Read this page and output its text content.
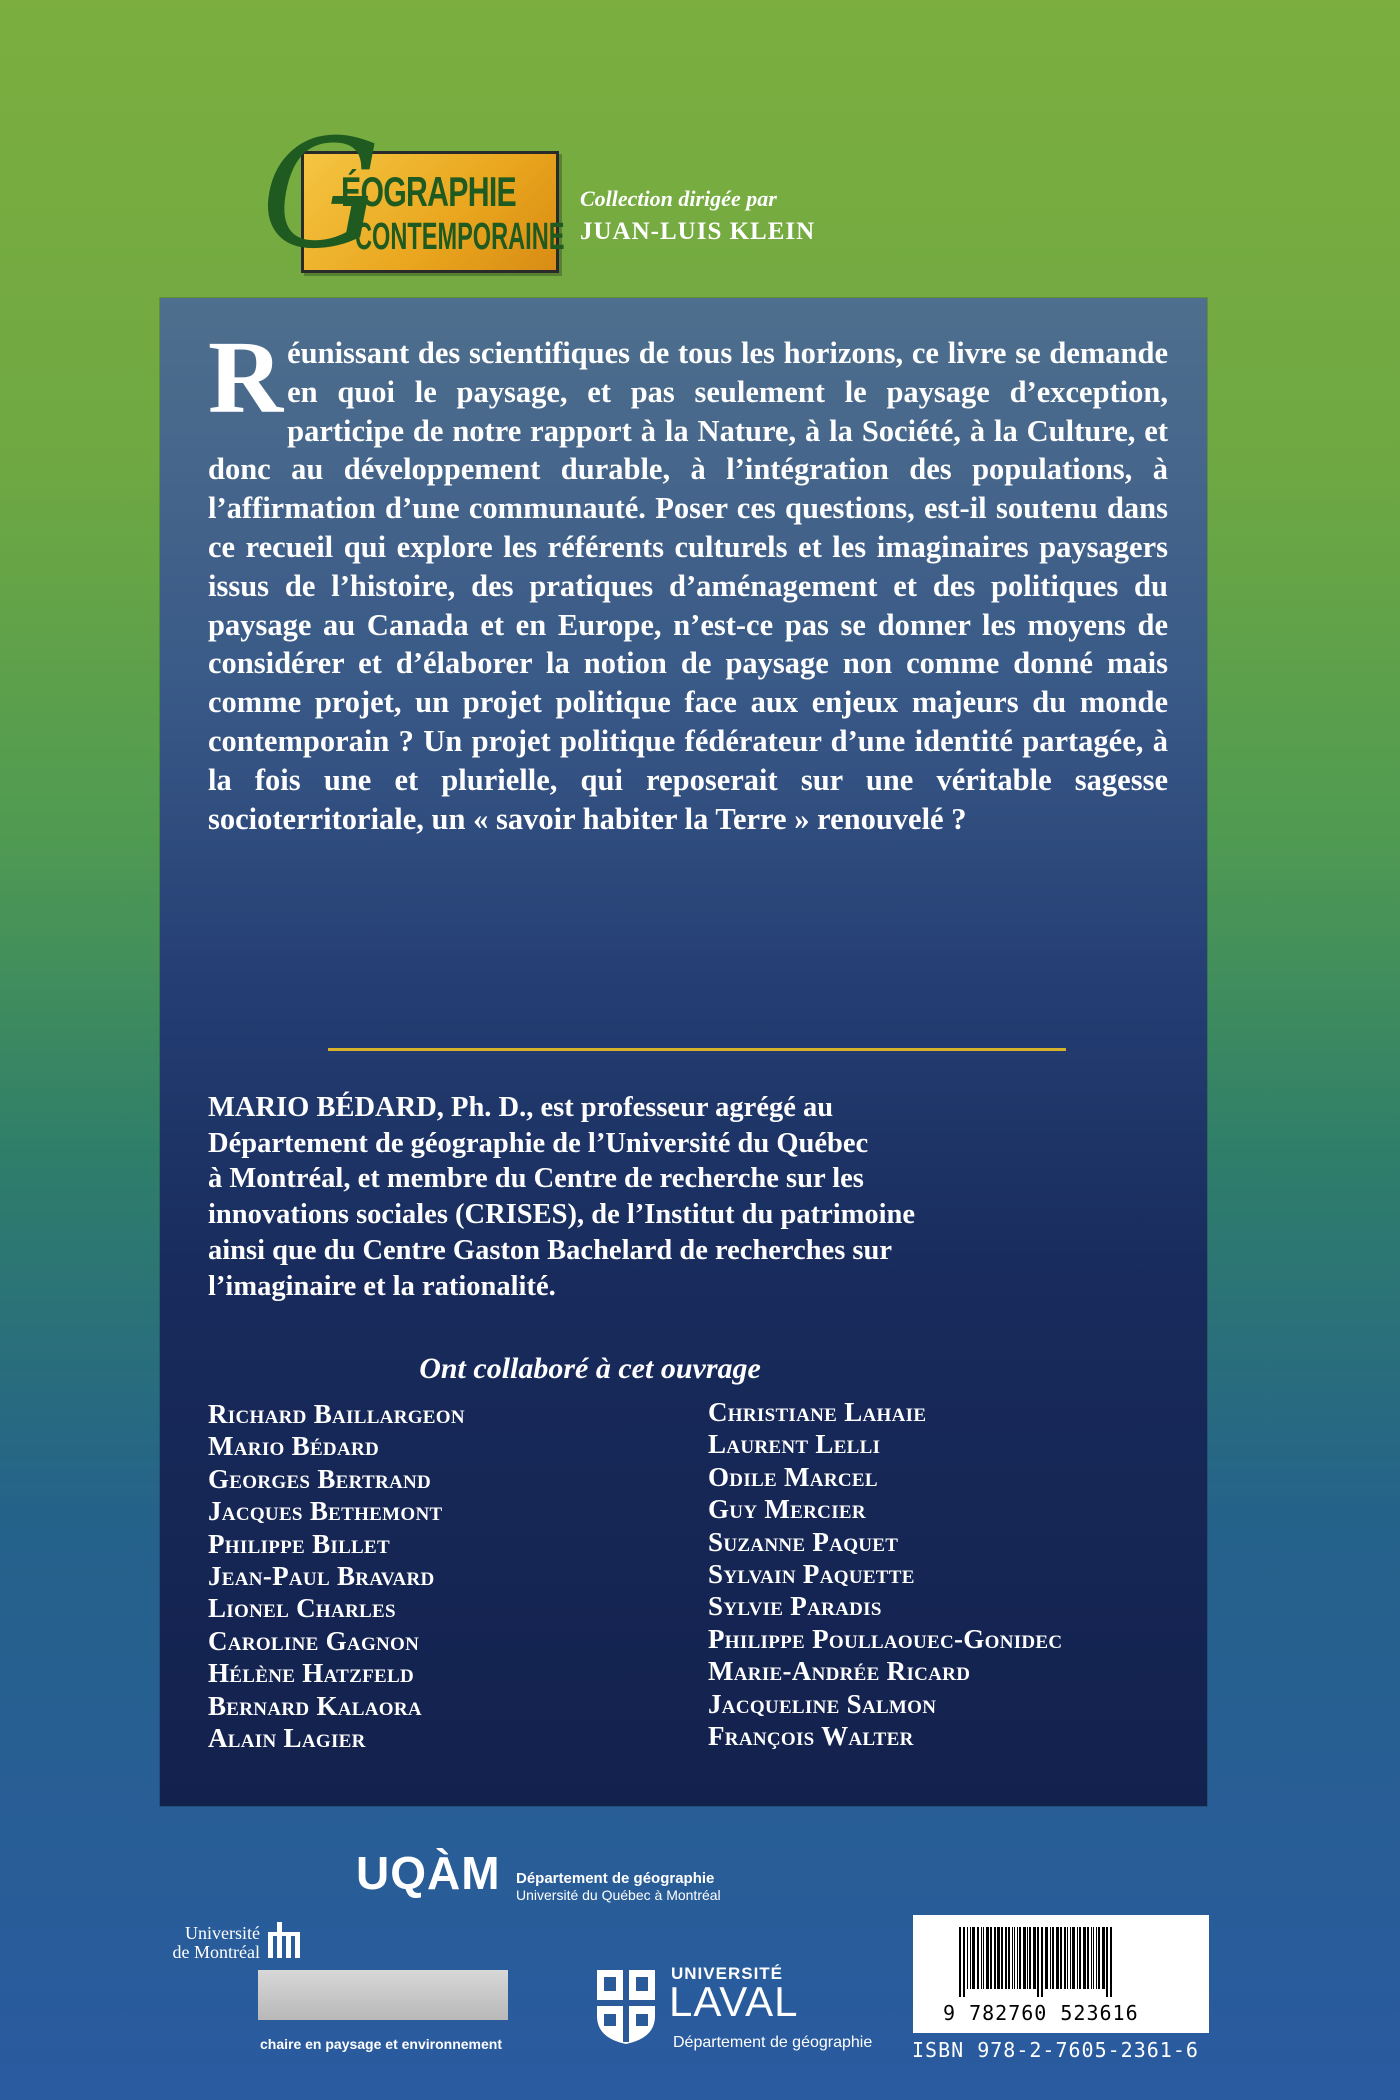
G
ÉOGRAPHIE
CONTEMPORAINE
Collection dirigée par
JUAN-LUIS KLEIN

Réunissant des scientifiques de tous les horizons, ce livre se demande en quoi le paysage, et pas seulement le paysage d’exception, participe de notre rapport à la Nature, à la Société, à la Culture, et donc au développement durable, à l’intégration des populations, à l’affirmation d’une communauté. Poser ces questions, est-il soutenu dans ce recueil qui explore les référents culturels et les imaginaires paysagers issus de l’histoire, des pratiques d’aménagement et des politiques du paysage au Canada et en Europe, n’est-ce pas se donner les moyens de considérer et d’élaborer la notion de paysage non comme donné mais comme projet, un projet politique face aux enjeux majeurs du monde contemporain ? Un projet politique fédérateur d’une identité partagée, à la fois une et plurielle, qui reposerait sur une véritable sagesse socioterritoriale, un « savoir habiter la Terre » renouvelé ?

MARIO BÉDARD, Ph. D., est professeur agrégé au
Département de géographie de l’Université du Québec
à Montréal, et membre du Centre de recherche sur les
innovations sociales (CRISES), de l’Institut du patrimoine
ainsi que du Centre Gaston Bachelard de recherches sur
l’imaginaire et la rationalité.

Ont collaboré à cet ouvrage
Richard Baillargeon
Mario Bédard
Georges Bertrand
Jacques Bethemont
Philippe Billet
Jean-Paul Bravard
Lionel Charles
Caroline Gagnon
Hélène Hatzfeld
Bernard Kalaora
Alain Lagier
Christiane Lahaie
Laurent Lelli
Odile Marcel
Guy Mercier
Suzanne Paquet
Sylvain Paquette
Sylvie Paradis
Philippe Poullaouec-Gonidec
Marie-Andrée Ricard
Jacqueline Salmon
François Walter
UQÀM Département de géographie
Université du Québec à Montréal
Université
de Montréal
chaire en paysage et environnement
UNIVERSITÉ
LAVAL
Département de géographie
9 782760 523616
ISBN 978-2-7605-2361-6
